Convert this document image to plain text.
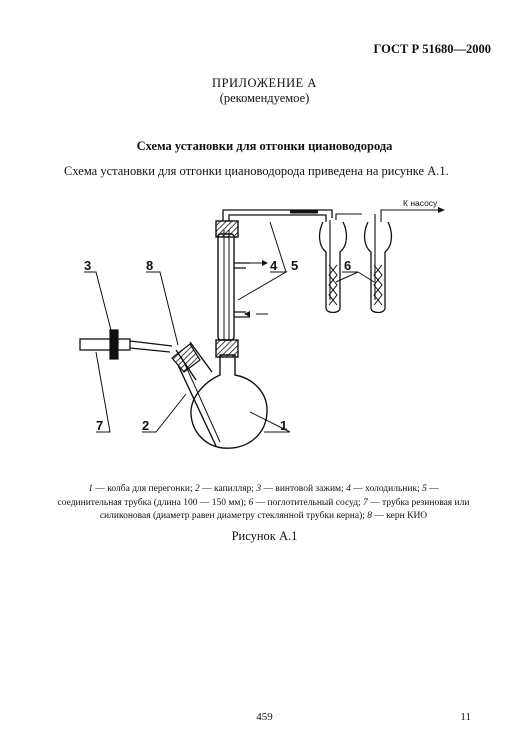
ГОСТ Р 51680—2000
ПРИЛОЖЕНИЕ А
(рекомендуемое)
Схема установки для отгонки циановодорода
Схема установки для отгонки циановодорода приведена на рисунке А.1.
К насосу
3	8
7	2	1
4 5	6
1 — колба для перегонки; 2 — капилляр; 3 — винтовой зажим; 4 — холодильник; 5 — соединительная трубка (длина 100 — 150 мм); 6 — поглотительный сосуд; 7 — трубка резиновая или силиконовая (диаметр равен диаметру стеклянной трубки керна); 8 — керн КИО
Рисунок А.1
459	11
